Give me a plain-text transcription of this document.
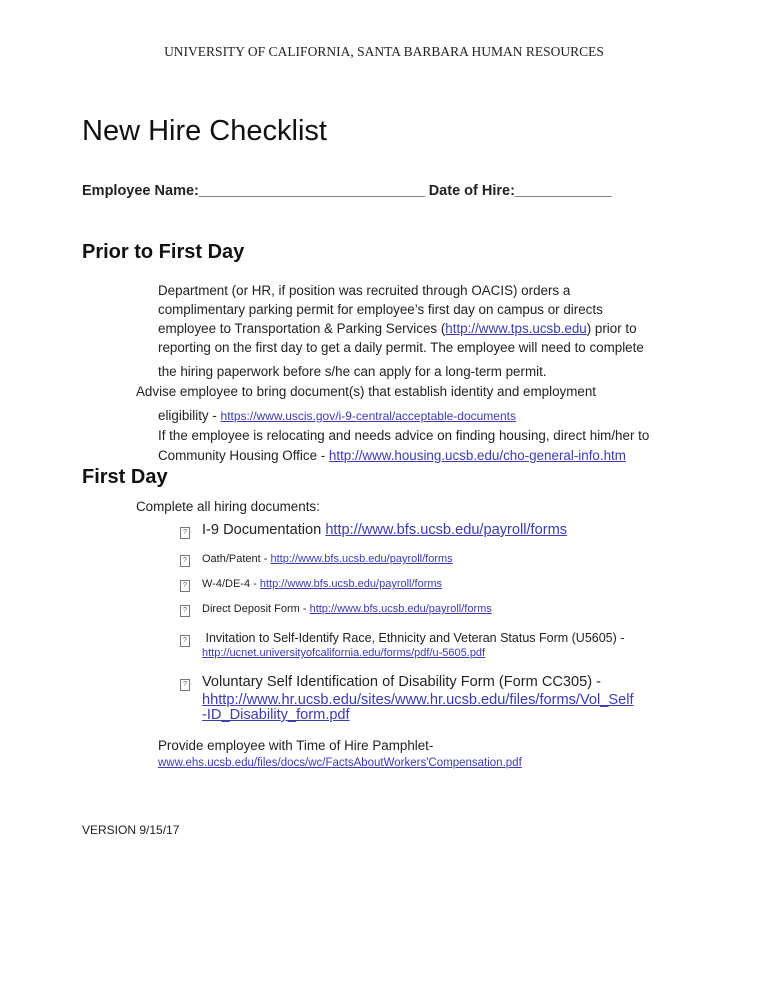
UNIVERSITY OF CALIFORNIA, SANTA BARBARA HUMAN RESOURCES
New Hire Checklist
Employee Name:____________________________ Date of Hire:____________
Prior to First Day
Department (or HR, if position was recruited through OACIS) orders a
complimentary parking permit for employee’s first day on campus or directs
employee to Transportation & Parking Services (http://www.tps.ucsb.edu) prior to
reporting on the first day to get a daily permit. The employee will need to complete
the hiring paperwork before s/he can apply for a long-term permit.
Advise employee to bring document(s) that establish identity and employment
eligibility - https://www.uscis.gov/i-9-central/acceptable-documents
If the employee is relocating and needs advice on finding housing, direct him/her to
Community Housing Office - http://www.housing.ucsb.edu/cho-general-info.htm
First Day
Complete all hiring documents:
? I-9 Documentation http://www.bfs.ucsb.edu/payroll/forms
? Oath/Patent - http://www.bfs.ucsb.edu/payroll/forms
? W-4/DE-4 - http://www.bfs.ucsb.edu/payroll/forms
? Direct Deposit Form - http://www.bfs.ucsb.edu/payroll/forms
? Invitation to Self-Identify Race, Ethnicity and Veteran Status Form (U5605) -
http://ucnet.universityofcalifornia.edu/forms/pdf/u-5605.pdf
? Voluntary Self Identification of Disability Form (Form CC305) -
hhttp://www.hr.ucsb.edu/sites/www.hr.ucsb.edu/files/forms/Vol_Self
-ID_Disability_form.pdf
Provide employee with Time of Hire Pamphlet-
www.ehs.ucsb.edu/files/docs/wc/FactsAboutWorkers'Compensation.pdf
VERSION 9/15/17
